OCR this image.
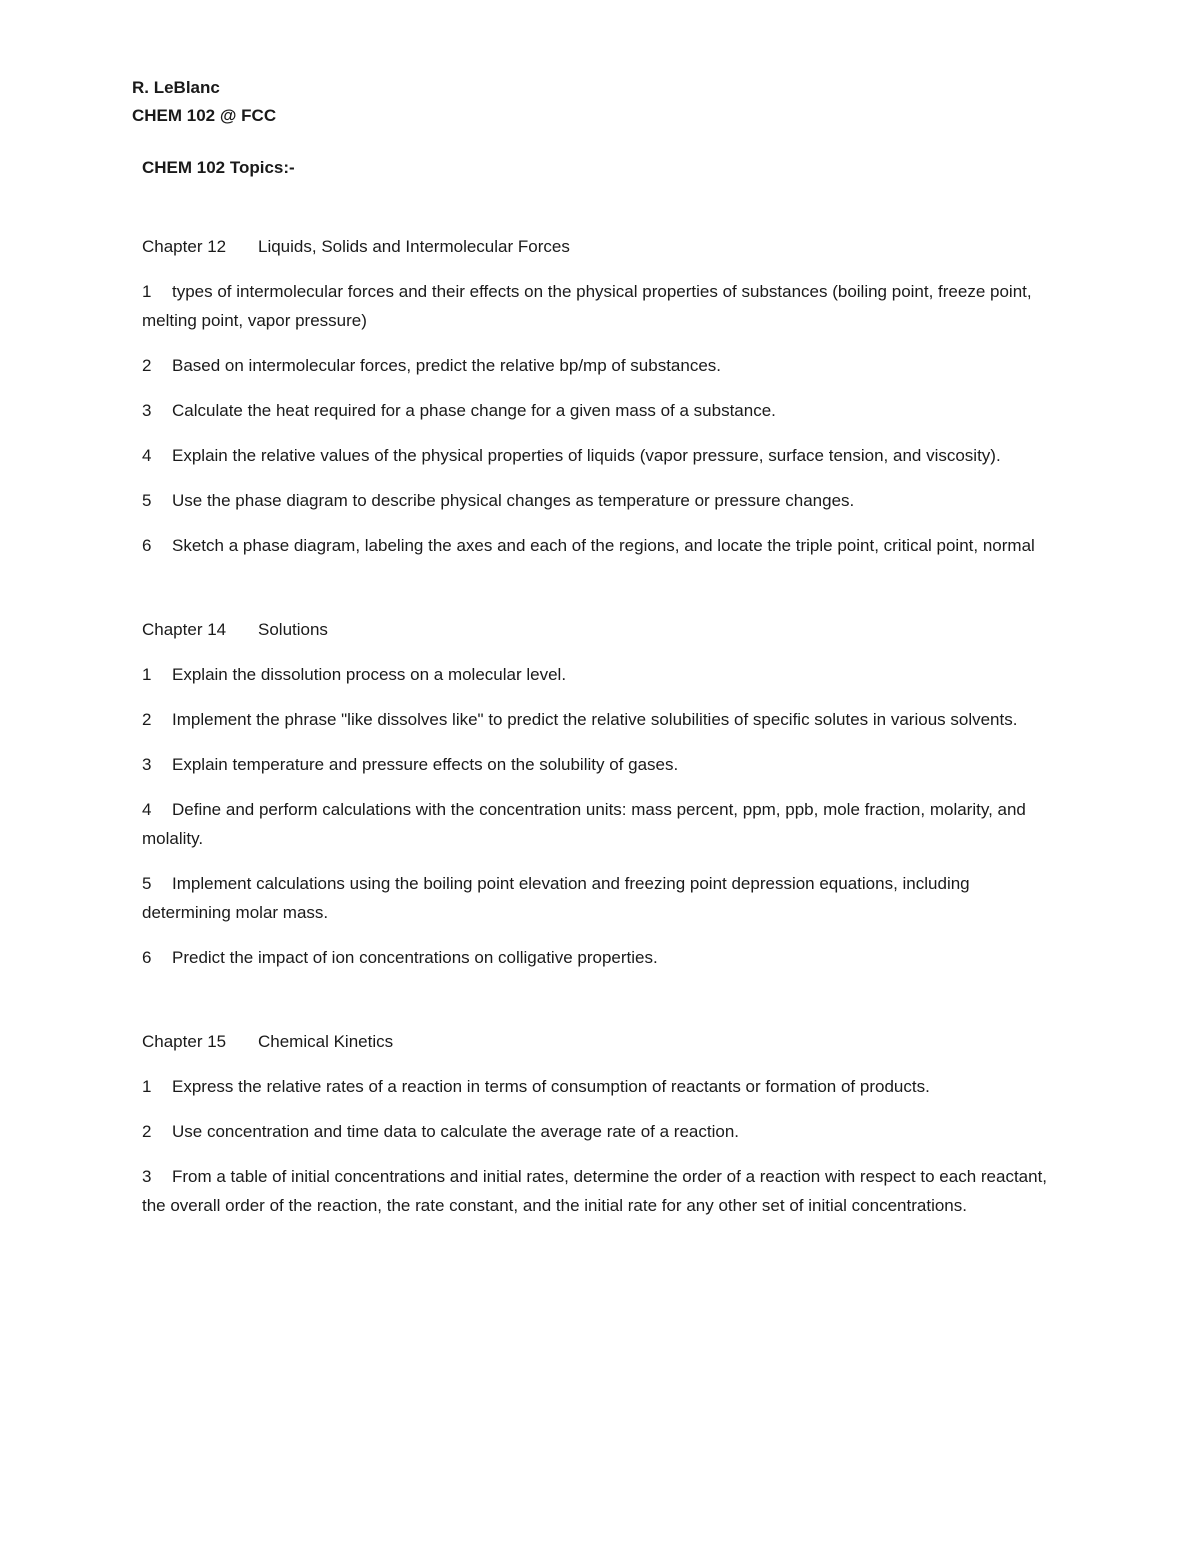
R. LeBlanc

CHEM 102 @ FCC

CHEM 102 Topics:-

Chapter 12 Liquids, Solids and Intermolecular Forces

1 types of intermolecular forces and their effects on the physical properties of substances (boiling point, freeze point, melting point, vapor pressure)

2 Based on intermolecular forces, predict the relative bp/mp of substances.

3 Calculate the heat required for a phase change for a given mass of a substance.

4 Explain the relative values of the physical properties of liquids (vapor pressure, surface tension, and viscosity).

5 Use the phase diagram to describe physical changes as temperature or pressure changes.

6 Sketch a phase diagram, labeling the axes and each of the regions, and locate the triple point, critical point, normal

Chapter 14 Solutions

1 Explain the dissolution process on a molecular level.

2 Implement the phrase "like dissolves like" to predict the relative solubilities of specific solutes in various solvents.

3 Explain temperature and pressure effects on the solubility of gases.

4 Define and perform calculations with the concentration units: mass percent, ppm, ppb, mole fraction, molarity, and molality.

5 Implement calculations using the boiling point elevation and freezing point depression equations, including determining molar mass.

6 Predict the impact of ion concentrations on colligative properties.

Chapter 15 Chemical Kinetics

1 Express the relative rates of a reaction in terms of consumption of reactants or formation of products.

2 Use concentration and time data to calculate the average rate of a reaction.

3 From a table of initial concentrations and initial rates, determine the order of a reaction with respect to each reactant, the overall order of the reaction, the rate constant, and the initial rate for any other set of initial concentrations.
